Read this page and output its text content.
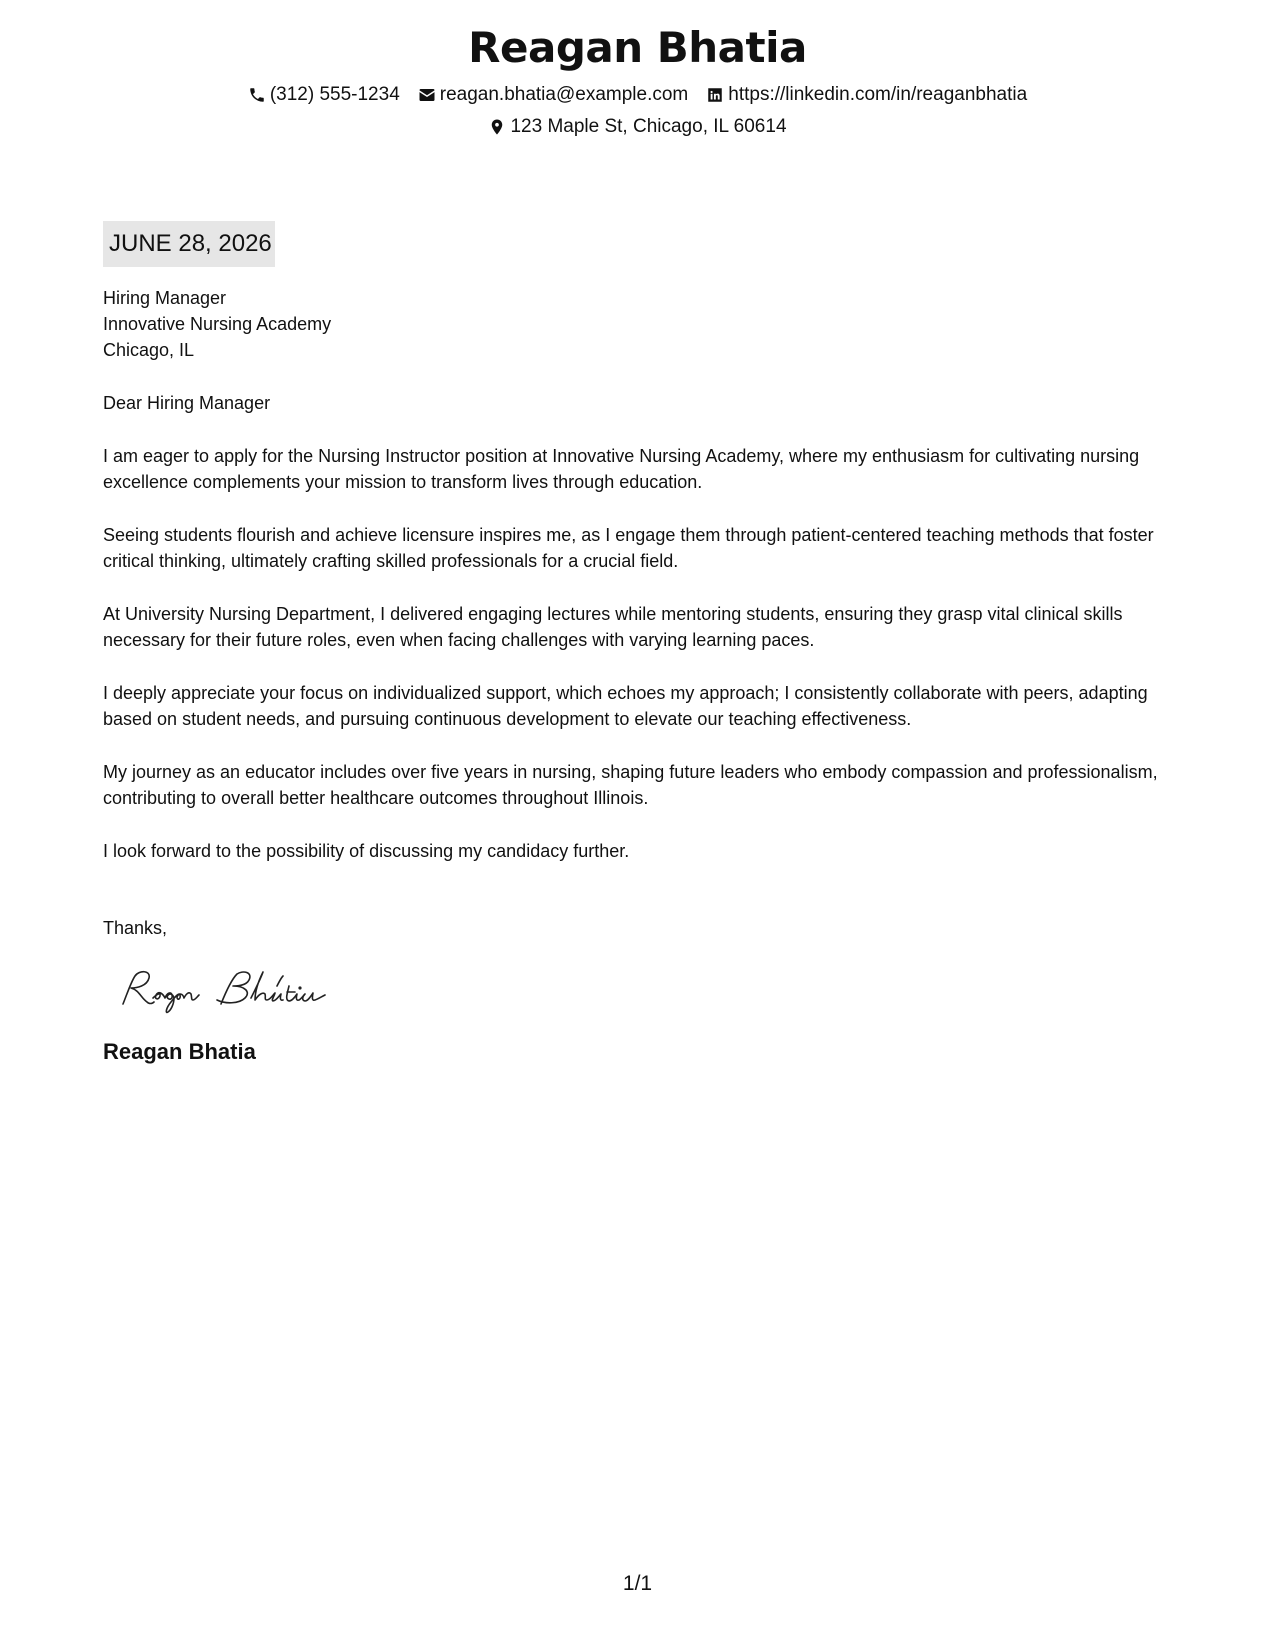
Reagan Bhatia
(312) 555-1234 reagan.bhatia@example.com https://linkedin.com/in/reaganbhatia
123 Maple St, Chicago, IL 60614
JUNE 28, 2026
Hiring Manager
Innovative Nursing Academy
Chicago, IL
Dear Hiring Manager

I am eager to apply for the Nursing Instructor position at Innovative Nursing Academy, where my enthusiasm for cultivating nursing excellence complements your mission to transform lives through education.

Seeing students flourish and achieve licensure inspires me, as I engage them through patient-centered teaching methods that foster critical thinking, ultimately crafting skilled professionals for a crucial field.

At University Nursing Department, I delivered engaging lectures while mentoring students, ensuring they grasp vital clinical skills necessary for their future roles, even when facing challenges with varying learning paces.

I deeply appreciate your focus on individualized support, which echoes my approach; I consistently collaborate with peers, adapting based on student needs, and pursuing continuous development to elevate our teaching effectiveness.

My journey as an educator includes over five years in nursing, shaping future leaders who embody compassion and professionalism, contributing to overall better healthcare outcomes throughout Illinois.

I look forward to the possibility of discussing my candidacy further.

Thanks,
Reagan Bhatia
1/1
